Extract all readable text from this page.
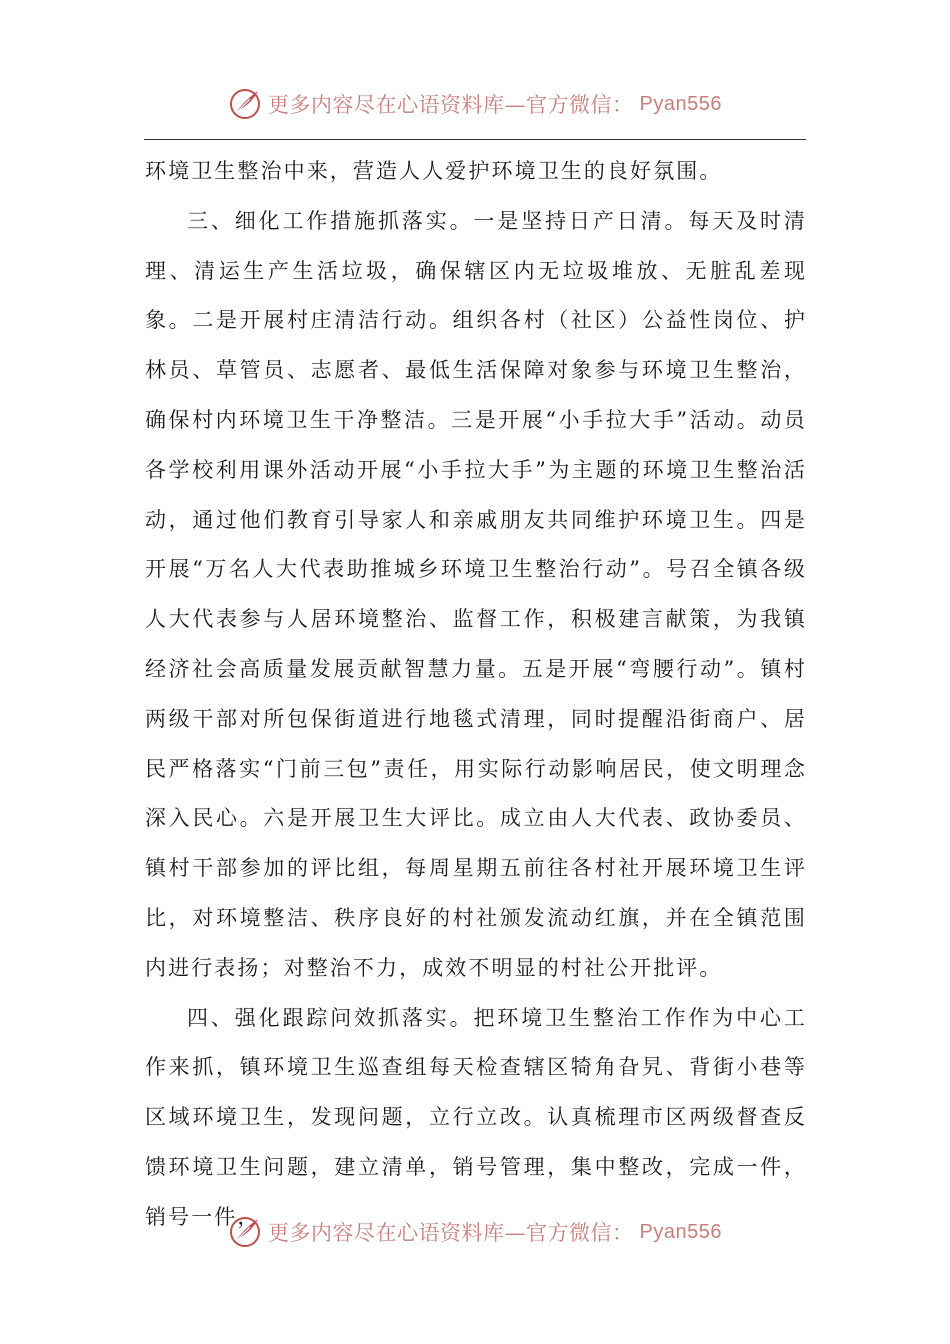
更多内容尽在心语资料库—官方微信： Pyan556

环境卫生整治中来，营造人人爱护环境卫生的良好氛围。

三、细化工作措施抓落实。一是坚持日产日清。每天及时清理、清运生产生活垃圾，确保辖区内无垃圾堆放、无脏乱差现象。二是开展村庄清洁行动。组织各村（社区）公益性岗位、护林员、草管员、志愿者、最低生活保障对象参与环境卫生整治，确保村内环境卫生干净整洁。三是开展“小手拉大手”活动。动员各学校利用课外活动开展“小手拉大手”为主题的环境卫生整治活动，通过他们教育引导家人和亲戚朋友共同维护环境卫生。四是开展“万名人大代表助推城乡环境卫生整治行动”。号召全镇各级人大代表参与人居环境整治、监督工作，积极建言献策，为我镇经济社会高质量发展贡献智慧力量。五是开展“弯腰行动”。镇村两级干部对所包保街道进行地毯式清理，同时提醒沿街商户、居民严格落实“门前三包”责任，用实际行动影响居民，使文明理念深入民心。六是开展卫生大评比。成立由人大代表、政协委员、镇村干部参加的评比组，每周星期五前往各村社开展环境卫生评比，对环境整洁、秩序良好的村社颁发流动红旗，并在全镇范围内进行表扬；对整治不力，成效不明显的村社公开批评。

四、强化跟踪问效抓落实。把环境卫生整治工作作为中心工作来抓，镇环境卫生巡查组每天检查辖区犄角旮旯、背街小巷等区域环境卫生，发现问题，立行立改。认真梳理市区两级督查反馈环境卫生问题，建立清单，销号管理，集中整改，完成一件，销号一件，

更多内容尽在心语资料库—官方微信： Pyan556
